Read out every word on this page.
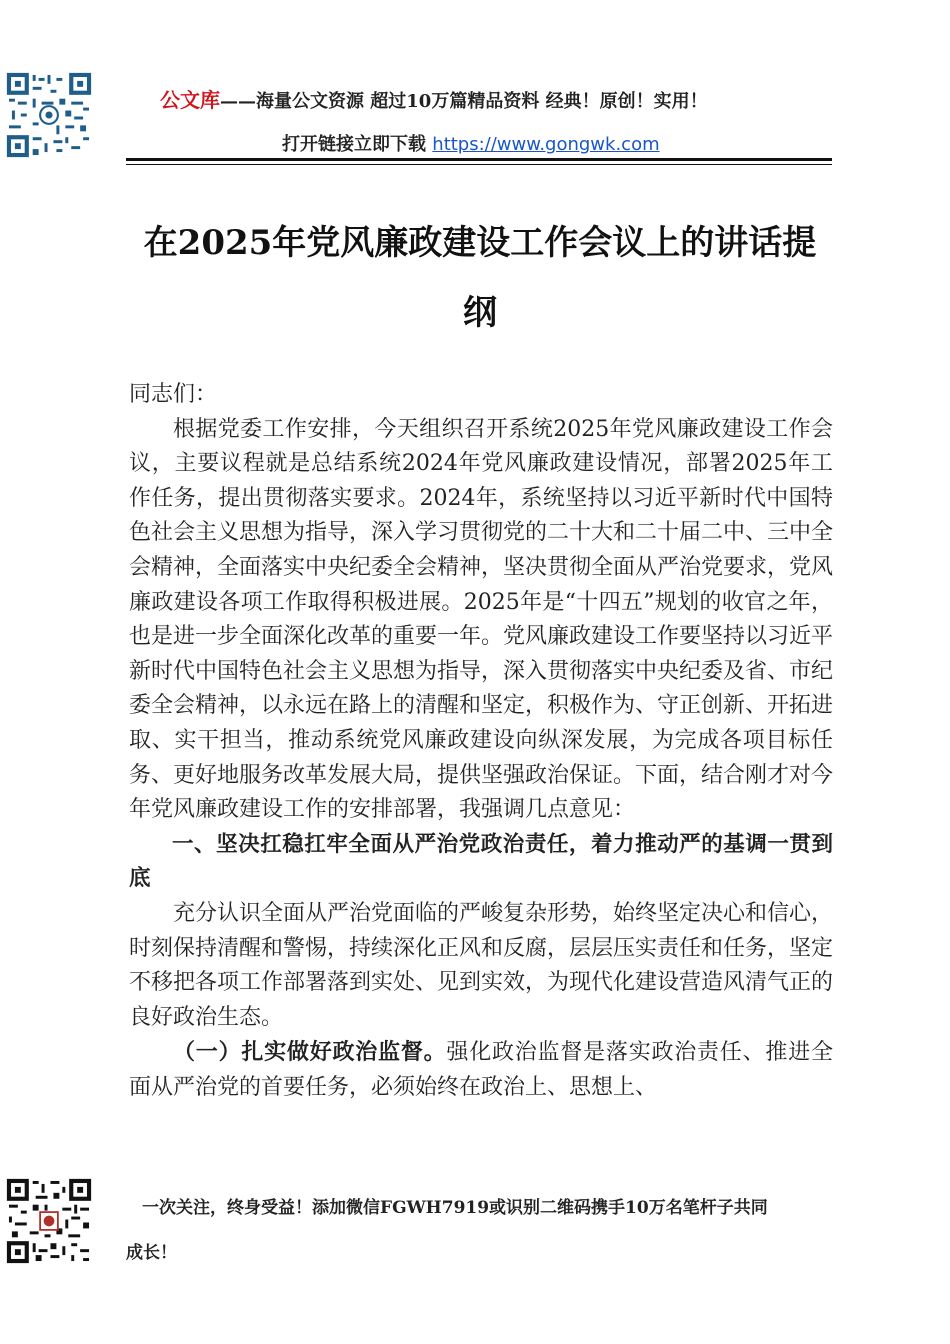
公文库——海量公文资源 超过10万篇精品资料 经典！原创！实用！
打开链接立即下载 https://www.gongwk.com
在2025年党风廉政建设工作会议上的讲话提纲

同志们：

根据党委工作安排，今天组织召开系统2025年党风廉政建设工作会议，主要议程就是总结系统2024年党风廉政建设情况，部署2025年工作任务，提出贯彻落实要求。2024年，系统坚持以习近平新时代中国特色社会主义思想为指导，深入学习贯彻党的二十大和二十届二中、三中全会精神，全面落实中央纪委全会精神，坚决贯彻全面从严治党要求，党风廉政建设各项工作取得积极进展。2025年是“十四五”规划的收官之年，也是进一步全面深化改革的重要一年。党风廉政建设工作要坚持以习近平新时代中国特色社会主义思想为指导，深入贯彻落实中央纪委及省、市纪委全会精神，以永远在路上的清醒和坚定，积极作为、守正创新、开拓进取、实干担当，推动系统党风廉政建设向纵深发展，为完成各项目标任务、更好地服务改革发展大局，提供坚强政治保证。下面，结合刚才对今年党风廉政建设工作的安排部署，我强调几点意见：

一、坚决扛稳扛牢全面从严治党政治责任，着力推动严的基调一贯到底

充分认识全面从严治党面临的严峻复杂形势，始终坚定决心和信心，时刻保持清醒和警惕，持续深化正风和反腐，层层压实责任和任务，坚定不移把各项工作部署落到实处、见到实效，为现代化建设营造风清气正的良好政治生态。

（一）扎实做好政治监督。强化政治监督是落实政治责任、推进全面从严治党的首要任务，必须始终在政治上、思想上、

一次关注，终身受益！添加微信FGWH7919或识别二维码携手10万名笔杆子共同
成长！
